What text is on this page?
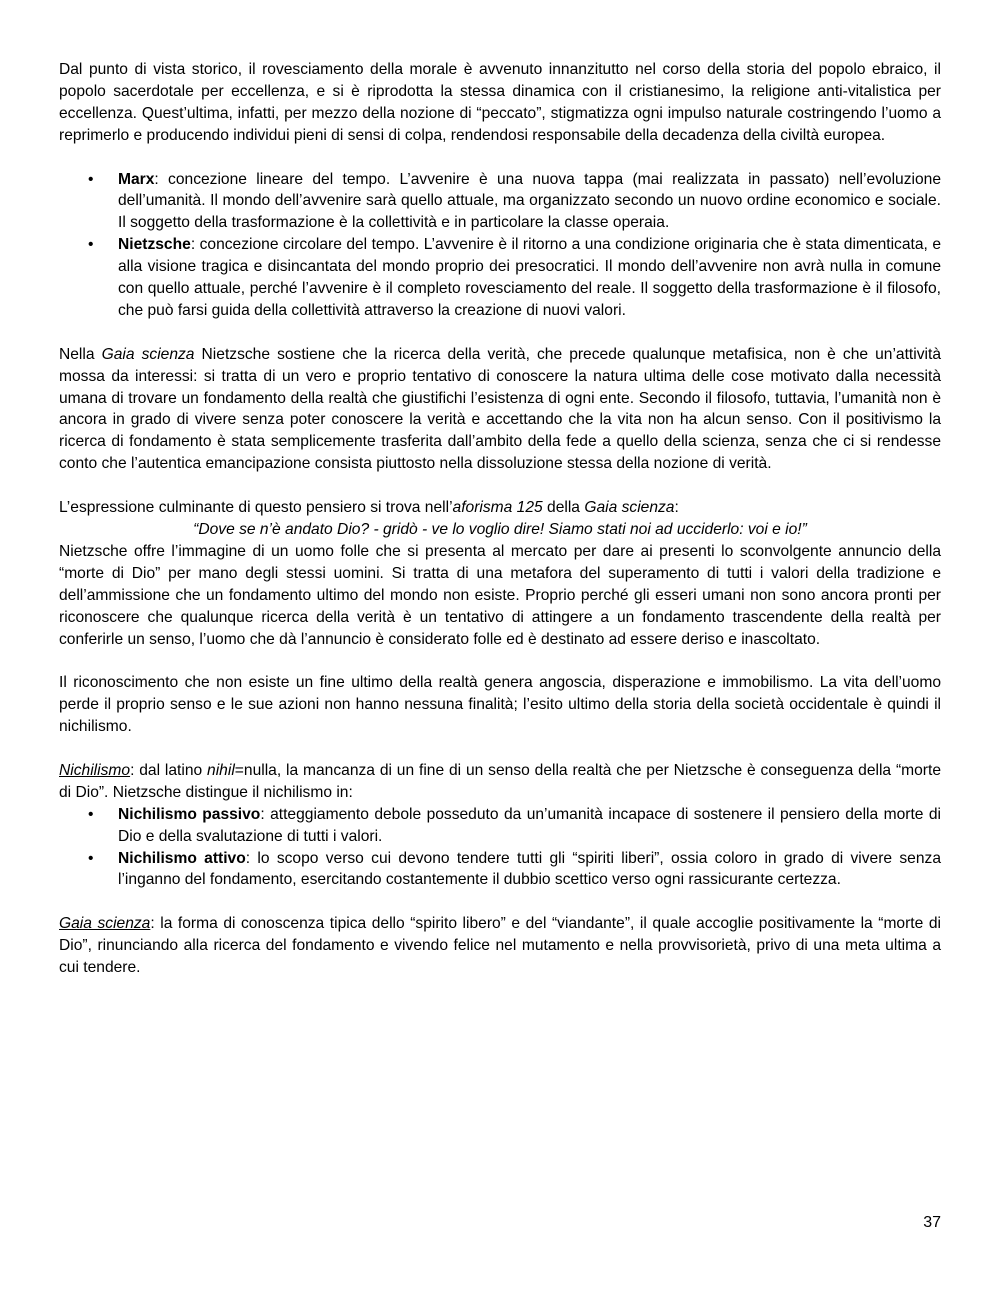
Dal punto di vista storico, il rovesciamento della morale è avvenuto innanzitutto nel corso della storia del popolo ebraico, il popolo sacerdotale per eccellenza, e si è riprodotta la stessa dinamica con il cristianesimo, la religione anti-vitalistica per eccellenza. Quest’ultima, infatti, per mezzo della nozione di “peccato”, stigmatizza ogni impulso naturale costringendo l’uomo a reprimerlo e producendo individui pieni di sensi di colpa, rendendosi responsabile della decadenza della civiltà europea.

• Marx: concezione lineare del tempo. L’avvenire è una nuova tappa (mai realizzata in passato) nell’evoluzione dell’umanità. Il mondo dell’avvenire sarà quello attuale, ma organizzato secondo un nuovo ordine economico e sociale. Il soggetto della trasformazione è la collettività e in particolare la classe operaia.
• Nietzsche: concezione circolare del tempo. L’avvenire è il ritorno a una condizione originaria che è stata dimenticata, e alla visione tragica e disincantata del mondo proprio dei presocratici. Il mondo dell’avvenire non avrà nulla in comune con quello attuale, perché l’avvenire è il completo rovesciamento del reale. Il soggetto della trasformazione è il filosofo, che può farsi guida della collettività attraverso la creazione di nuovi valori.

Nella Gaia scienza Nietzsche sostiene che la ricerca della verità, che precede qualunque metafisica, non è che un’attività mossa da interessi: si tratta di un vero e proprio tentativo di conoscere la natura ultima delle cose motivato dalla necessità umana di trovare un fondamento della realtà che giustifichi l’esistenza di ogni ente. Secondo il filosofo, tuttavia, l’umanità non è ancora in grado di vivere senza poter conoscere la verità e accettando che la vita non ha alcun senso. Con il positivismo la ricerca di fondamento è stata semplicemente trasferita dall’ambito della fede a quello della scienza, senza che ci si rendesse conto che l’autentica emancipazione consista piuttosto nella dissoluzione stessa della nozione di verità.

L’espressione culminante di questo pensiero si trova nell’aforisma 125 della Gaia scienza:

“Dove se n’è andato Dio? - gridò - ve lo voglio dire! Siamo stati noi ad ucciderlo: voi e io!”

Nietzsche offre l’immagine di un uomo folle che si presenta al mercato per dare ai presenti lo sconvolgente annuncio della “morte di Dio” per mano degli stessi uomini. Si tratta di una metafora del superamento di tutti i valori della tradizione e dell’ammissione che un fondamento ultimo del mondo non esiste. Proprio perché gli esseri umani non sono ancora pronti per riconoscere che qualunque ricerca della verità è un tentativo di attingere a un fondamento trascendente della realtà per conferirle un senso, l’uomo che dà l’annuncio è considerato folle ed è destinato ad essere deriso e inascoltato.

Il riconoscimento che non esiste un fine ultimo della realtà genera angoscia, disperazione e immobilismo. La vita dell’uomo perde il proprio senso e le sue azioni non hanno nessuna finalità; l’esito ultimo della storia della società occidentale è quindi il nichilismo.

Nichilismo: dal latino nihil=nulla, la mancanza di un fine di un senso della realtà che per Nietzsche è conseguenza della “morte di Dio”. Nietzsche distingue il nichilismo in:

• Nichilismo passivo: atteggiamento debole posseduto da un’umanità incapace di sostenere il pensiero della morte di Dio e della svalutazione di tutti i valori.
• Nichilismo attivo: lo scopo verso cui devono tendere tutti gli “spiriti liberi”, ossia coloro in grado di vivere senza l’inganno del fondamento, esercitando costantemente il dubbio scettico verso ogni rassicurante certezza.

Gaia scienza: la forma di conoscenza tipica dello “spirito libero” e del “viandante”, il quale accoglie positivamente la “morte di Dio”, rinunciando alla ricerca del fondamento e vivendo felice nel mutamento e nella provvisorietà, privo di una meta ultima a cui tendere.

37
